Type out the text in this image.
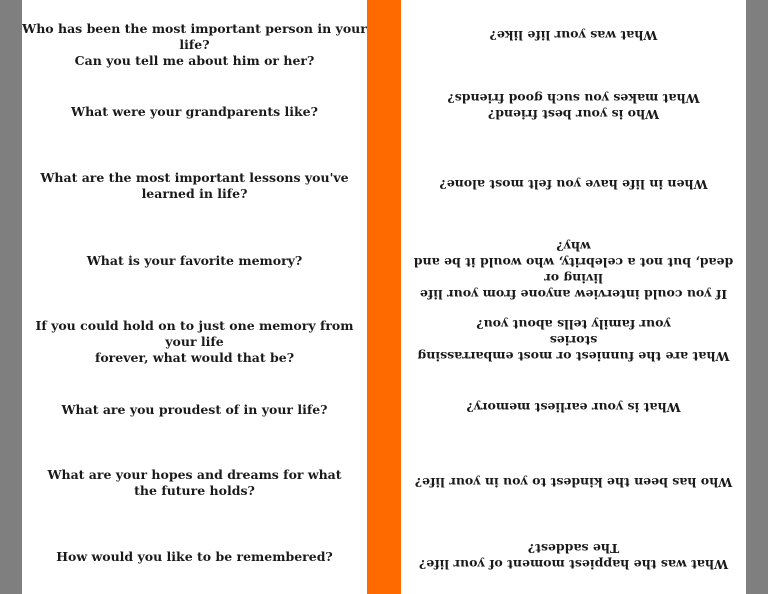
Who has been the most important person in your life?
Can you tell me about him or her?
What were your grandparents like?
What are the most important lessons you've
learned in life?
What is your favorite memory?
If you could hold on to just one memory from your life
forever, what would that be?
What are you proudest of in your life?
What are your hopes and dreams for what
the future holds?
How would you like to be remembered?
What was your life like?
Who is your best friend?
What makes you such good friends?
When in life have you felt most alone?
If you could interview anyone from your life living or
dead, but not a celebrity, who would it be and why?
What are the funniest or most embarrassing stories
your family tells about you?
What is your earliest memory?
Who has been the kindest to you in your life?
What was the happiest moment of your life?
The saddest?
